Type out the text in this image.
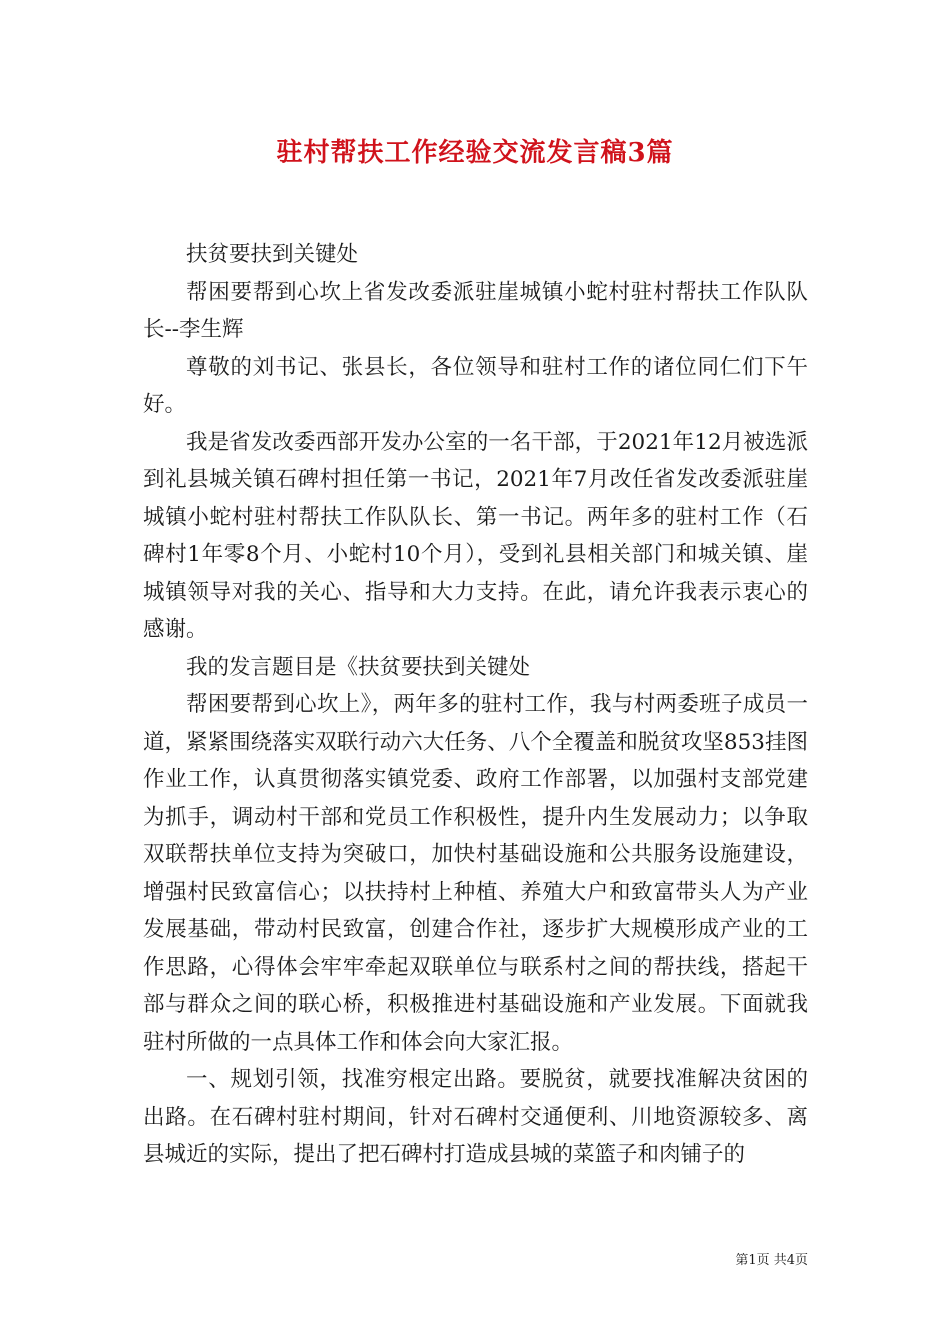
驻村帮扶工作经验交流发言稿3篇

扶贫要扶到关键处

帮困要帮到心坎上省发改委派驻崖城镇小蛇村驻村帮扶工作队队长--李生辉

尊敬的刘书记、张县长，各位领导和驻村工作的诸位同仁们下午好。

我是省发改委西部开发办公室的一名干部，于2021年12月被选派到礼县城关镇石碑村担任第一书记，2021年7月改任省发改委派驻崖城镇小蛇村驻村帮扶工作队队长、第一书记。两年多的驻村工作（石碑村1年零8个月、小蛇村10个月），受到礼县相关部门和城关镇、崖城镇领导对我的关心、指导和大力支持。在此，请允许我表示衷心的感谢。

我的发言题目是《扶贫要扶到关键处

帮困要帮到心坎上》，两年多的驻村工作，我与村两委班子成员一道，紧紧围绕落实双联行动六大任务、八个全覆盖和脱贫攻坚853挂图作业工作，认真贯彻落实镇党委、政府工作部署，以加强村支部党建为抓手，调动村干部和党员工作积极性，提升内生发展动力；以争取双联帮扶单位支持为突破口，加快村基础设施和公共服务设施建设，增强村民致富信心；以扶持村上种植、养殖大户和致富带头人为产业发展基础，带动村民致富，创建合作社，逐步扩大规模形成产业的工作思路，心得体会牢牢牵起双联单位与联系村之间的帮扶线，搭起干部与群众之间的联心桥，积极推进村基础设施和产业发展。下面就我驻村所做的一点具体工作和体会向大家汇报。

一、规划引领，找准穷根定出路。要脱贫，就要找准解决贫困的出路。在石碑村驻村期间，针对石碑村交通便利、川地资源较多、离县城近的实际，提出了把石碑村打造成县城的菜篮子和肉铺子的

第1页 共4页
